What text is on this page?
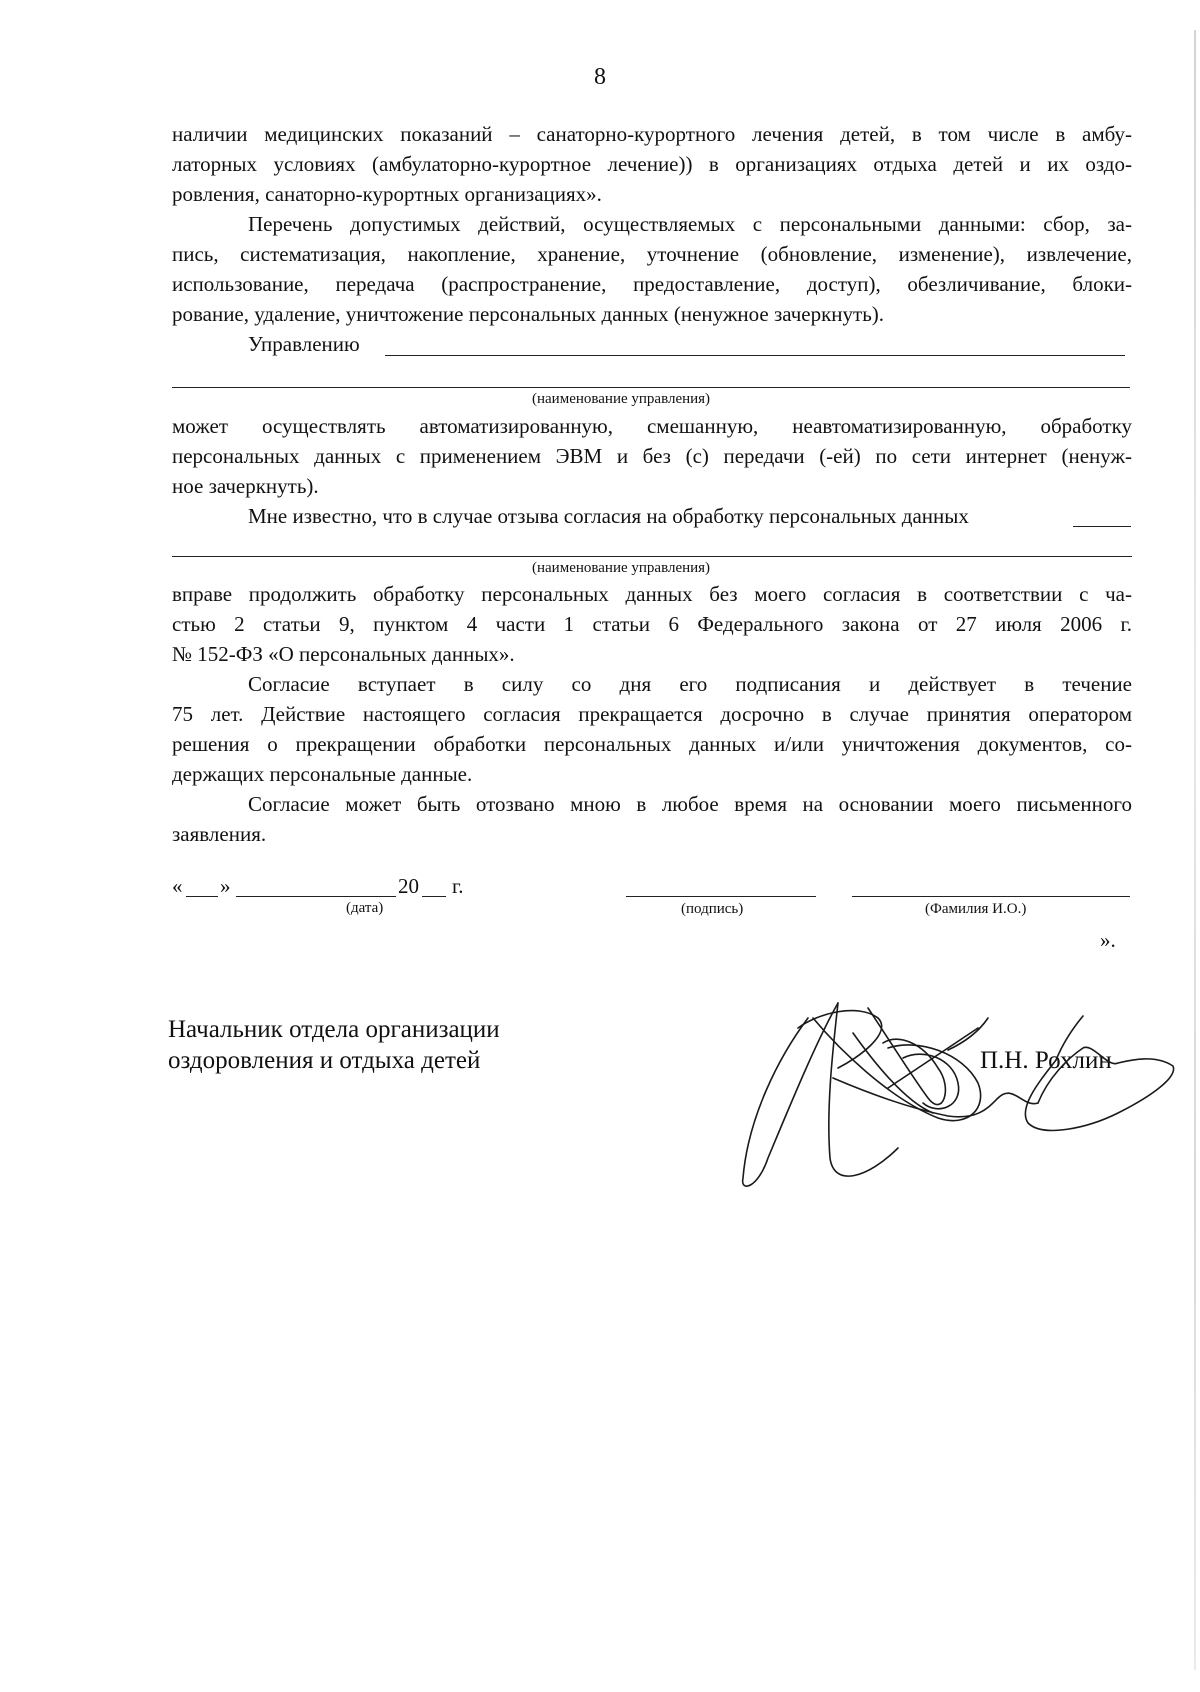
8
наличии медицинских показаний – санаторно-курортного лечения детей, в том числе в амбу-
латорных условиях (амбулаторно-курортное лечение)) в организациях отдыха детей и их оздо-
ровления, санаторно-курортных организациях».
Перечень допустимых действий, осуществляемых с персональными данными: сбор, за-
пись, систематизация, накопление, хранение, уточнение (обновление, изменение), извлечение,
использование, передача (распространение, предоставление, доступ), обезличивание, блоки-
рование, удаление, уничтожение персональных данных (ненужное зачеркнуть).
Управлению
(наименование управления)
может осуществлять автоматизированную, смешанную, неавтоматизированную, обработку
персональных данных с применением ЭВМ и без (с) передачи (-ей) по сети интернет (ненуж-
ное зачеркнуть).
Мне известно, что в случае отзыва согласия на обработку персональных данных
(наименование управления)
вправе продолжить обработку персональных данных без моего согласия в соответствии с ча-
стью 2 статьи 9, пунктом 4 части 1 статьи 6 Федерального закона от 27 июля 2006 г.
№ 152-ФЗ «О персональных данных».
Согласие вступает в силу со дня его подписания и действует в течение
75 лет. Действие настоящего согласия прекращается досрочно в случае принятия оператором
решения о прекращении обработки персональных данных и/или уничтожения документов, со-
держащих персональные данные.
Согласие может быть отозвано мною в любое время на основании моего письменного
заявления.
« »	20 г.
(дата)	(подпись)	(Фамилия И.О.)
».
Начальник отдела организации
оздоровления и отдыха детей	П.Н. Рохлин
